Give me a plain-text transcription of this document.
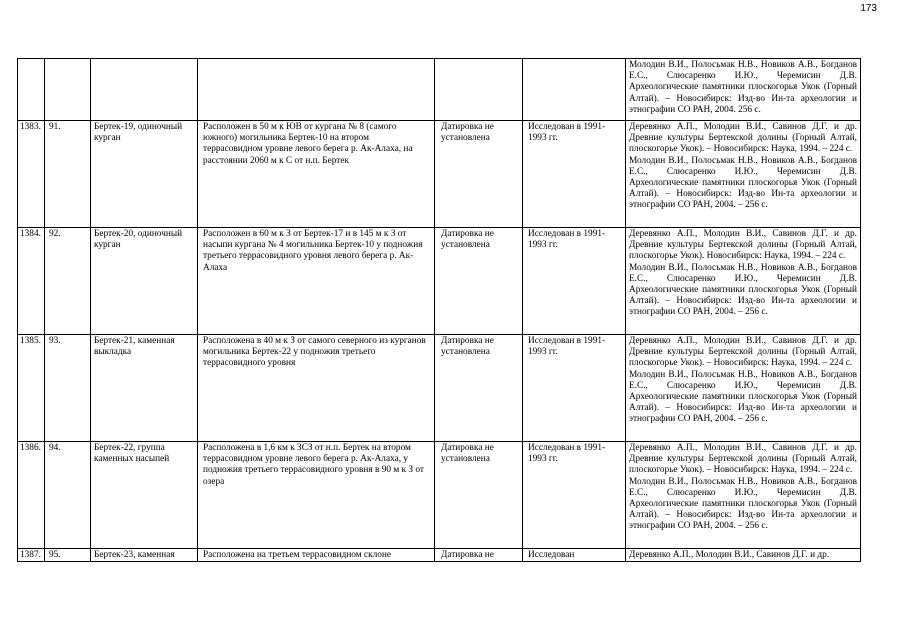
173

						Молодин В.И., Полосьмак Н.В., Новиков А.В., Богданов Е.С., Слюсаренко И.Ю., Черемисин Д.В. Археологические памятники плоскогорья Укок (Горный Алтай). – Новосибирск: Изд-во Ин-та археологии и этнографии СО РАН, 2004. 256 с.

1383.	91.	Бертек-19, одиночный курган	Расположен в 50 м к ЮВ от кургана № 8 (самого южного) могильника Бертек-10 на втором террасовидном уровне левого берега р. Ак-Алаха, на расстоянии 2060 м к С от н.п. Бертек	Датировка не установлена	Исследован в 1991-1993 гг.	Деревянко А.П., Молодин В.И., Савинов Д.Г. и др. Древние культуры Бертекской долины (Горный Алтай, плоскогорье Укок). – Новосибирск: Наука, 1994. – 224 с.
Молодин В.И., Полосьмак Н.В., Новиков А.В., Богданов Е.С., Слюсаренко И.Ю., Черемисин Д.В. Археологические памятники плоскогорья Укок (Горный Алтай). – Новосибирск: Изд-во Ин-та археологии и этнографии СО РАН, 2004. – 256 с.

1384.	92.	Бертек-20, одиночный курган	Расположен в 60 м к З от Бертек-17 и в 145 м к З от насыпи кургана № 4 могильника Бертек-10 у подножия третьего террасовидного уровня левого берега р. Ак-Алаха	Датировка не установлена	Исследован в 1991-1993 гг.	Деревянко А.П., Молодин В.И., Савинов Д.Г. и др. Древние культуры Бертекской долины (Горный Алтай, плоскогорье Укок). Новосибирск: Наука, 1994. – 224 с.
Молодин В.И., Полосьмак Н.В., Новиков А.В., Богданов Е.С., Слюсаренко И.Ю., Черемисин Д.В. Археологические памятники плоскогорья Укок (Горный Алтай). – Новосибирск: Изд-во Ин-та археологии и этнографии СО РАН, 2004. – 256 с.

1385.	93.	Бертек-21, каменная выкладка	Расположена в 40 м к З от самого северного из курганов могильника Бертек-22 у подножия третьего террасовидного уровня	Датировка не установлена	Исследован в 1991-1993 гг.	Деревянко А.П., Молодин В.И., Савинов Д.Г. и др. Древние культуры Бертекской долины (Горный Алтай, плоскогорье Укок). – Новосибирск: Наука, 1994. – 224 с.
Молодин В.И., Полосьмак Н.В., Новиков А.В., Богданов Е.С., Слюсаренко И.Ю., Черемисин Д.В. Археологические памятники плоскогорья Укок (Горный Алтай). – Новосибирск: Изд-во Ин-та археологии и этнографии СО РАН, 2004. – 256 с.

1386.	94.	Бертек-22, группа каменных насыпей	Расположена в 1,6 км к ЗСЗ от н.п. Бертек на втором террасовидном уровне левого берега р. Ак-Алаха, у подножия третьего террасовидного уровня в 90 м к З от озера	Датировка не установлена	Исследован в 1991-1993 гг.	Деревянко А.П., Молодин В.И., Савинов Д.Г. и др. Древние культуры Бертекской долины (Горный Алтай, плоскогорье Укок). – Новосибирск: Наука, 1994. – 224 с.
Молодин В.И., Полосьмак Н.В., Новиков А.В., Богданов Е.С., Слюсаренко И.Ю., Черемисин Д.В. Археологические памятники плоскогорья Укок (Горный Алтай). – Новосибирск: Изд-во Ин-та археологии и этнографии СО РАН, 2004. – 256 с.

1387.	95.	Бертек-23, каменная	Расположена на третьем террасовидном склоне	Датировка не	Исследован	Деревянко А.П., Молодин В.И., Савинов Д.Г. и др.
